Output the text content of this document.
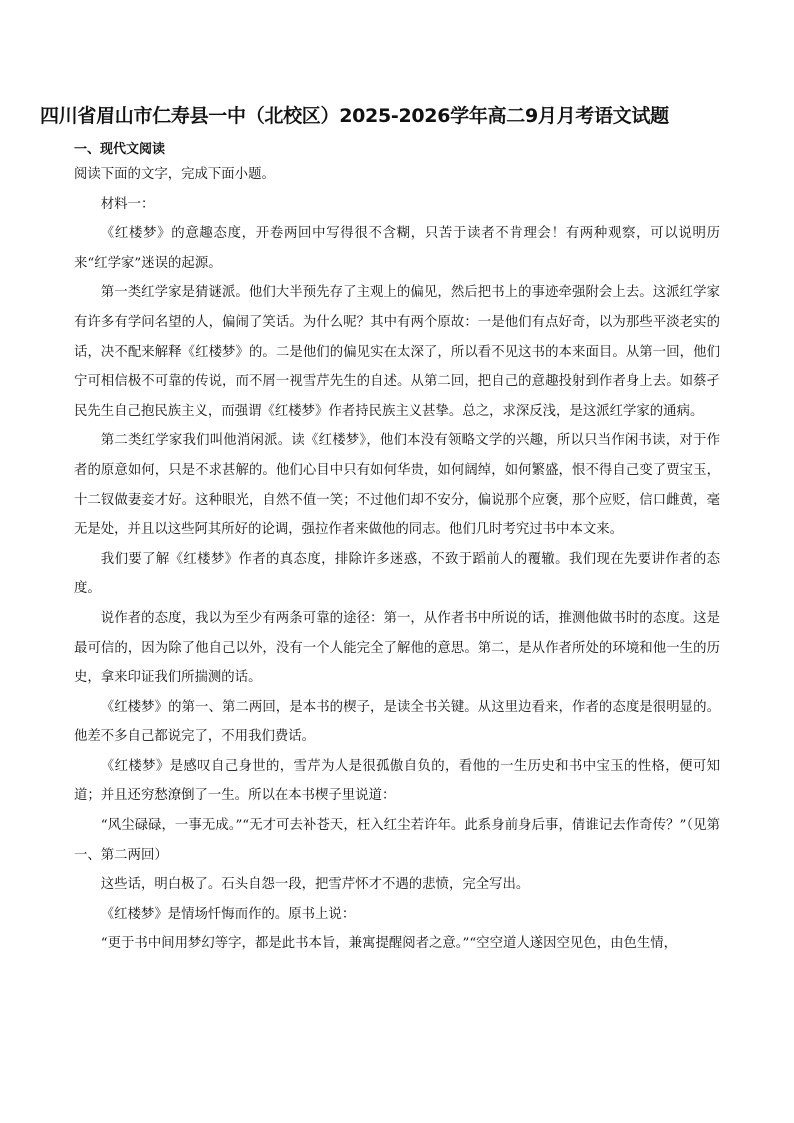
四川省眉山市仁寿县一中（北校区）2025-2026学年高二9月月考语文试题
一、现代文阅读

阅读下面的文字，完成下面小题。

材料一：

《红楼梦》的意趣态度，开卷两回中写得很不含糊，只苦于读者不肯理会！有两种观察，可以说明历来“红学家”迷误的起源。

第一类红学家是猜谜派。他们大半预先存了主观上的偏见，然后把书上的事迹牵强附会上去。这派红学家有许多有学问名望的人，偏闹了笑话。为什么呢？其中有两个原故：一是他们有点好奇，以为那些平淡老实的话，决不配来解释《红楼梦》的。二是他们的偏见实在太深了，所以看不见这书的本来面目。从第一回，他们宁可相信极不可靠的传说，而不屑一视雪芹先生的自述。从第二回，把自己的意趣投射到作者身上去。如蔡孑民先生自己抱民族主义，而强谓《红楼梦》作者持民族主义甚挚。总之，求深反浅，是这派红学家的通病。

第二类红学家我们叫他消闲派。读《红楼梦》，他们本没有领略文学的兴趣，所以只当作闲书读，对于作者的原意如何，只是不求甚解的。他们心目中只有如何华贵，如何阔绰，如何繁盛，恨不得自己变了贾宝玉，十二钗做妻妾才好。这种眼光，自然不值一笑；不过他们却不安分，偏说那个应褒，那个应贬，信口雌黄，毫无是处，并且以这些阿其所好的论调，强拉作者来做他的同志。他们几时考究过书中本文来。

我们要了解《红楼梦》作者的真态度，排除许多迷惑，不致于蹈前人的覆辙。我们现在先要讲作者的态度。

说作者的态度，我以为至少有两条可靠的途径：第一，从作者书中所说的话，推测他做书时的态度。这是最可信的，因为除了他自己以外，没有一个人能完全了解他的意思。第二，是从作者所处的环境和他一生的历史，拿来印证我们所揣测的话。

《红楼梦》的第一、第二两回，是本书的楔子，是读全书关键。从这里边看来，作者的态度是很明显的。他差不多自己都说完了，不用我们费话。

《红楼梦》是感叹自己身世的，雪芹为人是很孤傲自负的，看他的一生历史和书中宝玉的性格，便可知道；并且还穷愁潦倒了一生。所以在本书楔子里说道：

“风尘碌碌，一事无成。”“无才可去补苍天，枉入红尘若许年。此系身前身后事，倩谁记去作奇传？”（见第一、第二两回）

这些话，明白极了。石头自怨一段，把雪芹怀才不遇的悲愤，完全写出。

《红楼梦》是情场忏悔而作的。原书上说：

“更于书中间用梦幻等字，都是此书本旨，兼寓提醒阅者之意。”“空空道人遂因空见色，由色生情，
